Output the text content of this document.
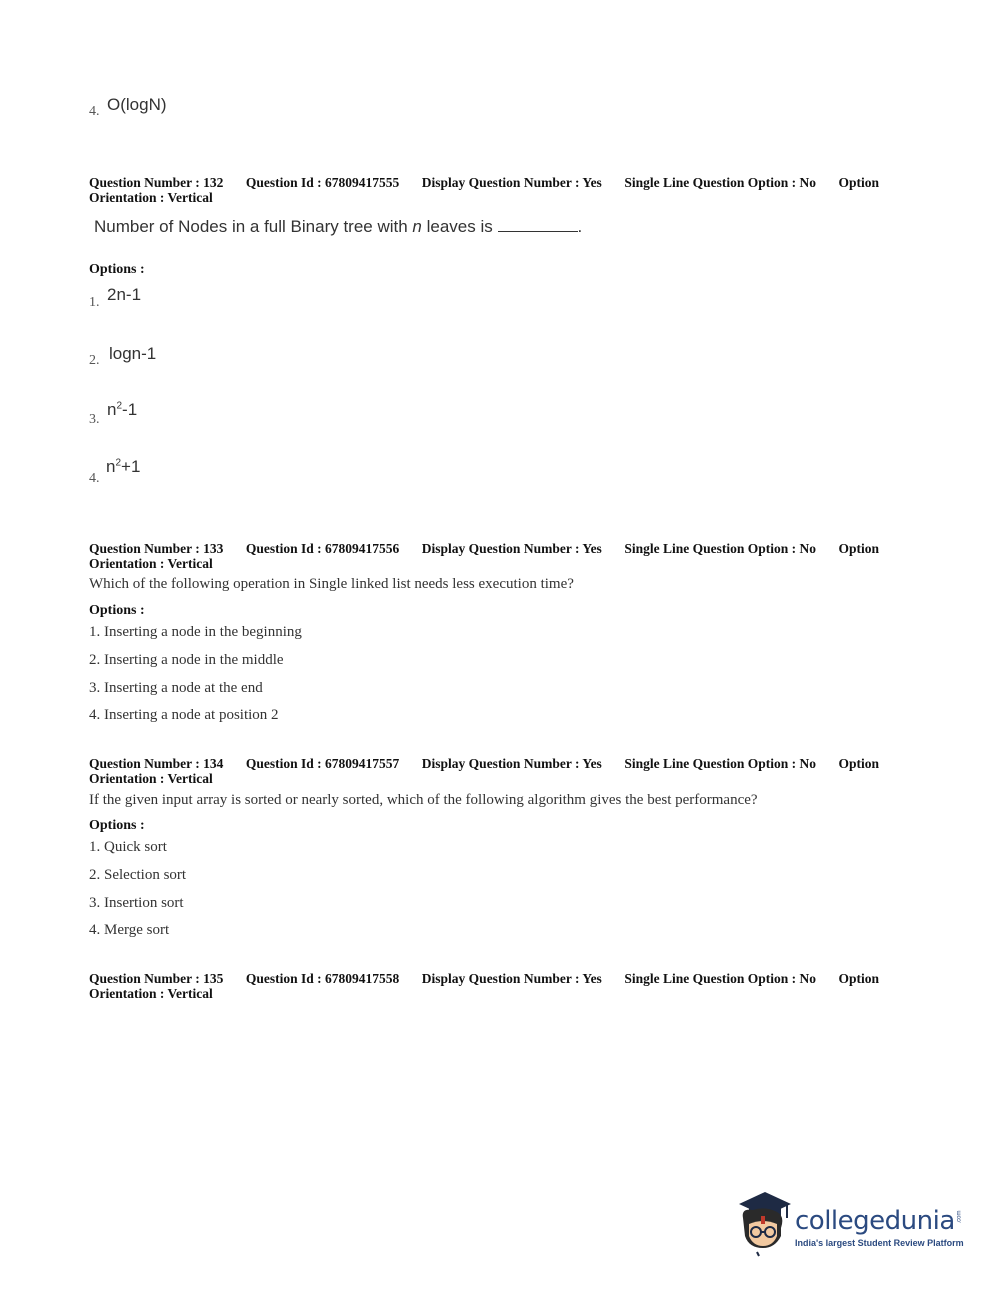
4. O(logN)
Question Number : 132 Question Id : 67809417555 Display Question Number : Yes Single Line Question Option : No Option
Orientation : Vertical
Number of Nodes in a full Binary tree with n leaves is	.
Options :
1. 2n-1
2. logn-1
3.
$n^2-1$
4.
$n^2+1$
Question Number : 133 Question Id : 67809417556 Display Question Number : Yes Single Line Question Option : No Option
Orientation : Vertical
Which of the following operation in Single linked list needs less execution time?
Options :
1. Inserting a node in the beginning
2. Inserting a node in the middle
3. Inserting a node at the end
4. Inserting a node at position 2
Question Number : 134 Question Id : 67809417557 Display Question Number : Yes Single Line Question Option : No Option
Orientation : Vertical
If the given input array is sorted or nearly sorted, which of the following algorithm gives the best performance?
Options :
1. Quick sort
2. Selection sort
3. Insertion sort
4. Merge sort
Question Number : 135 Question Id : 67809417558 Display Question Number : Yes Single Line Question Option : No Option
Orientation : Vertical
collegedunia .com
India's largest Student Review Platform
